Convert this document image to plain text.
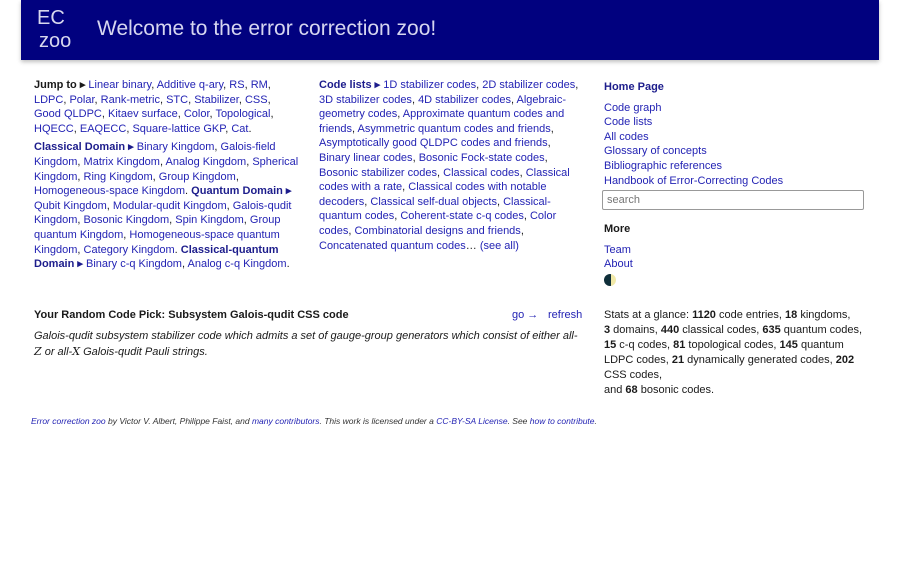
EC
zoo
Welcome to the error correction zoo!
Jump to ▸ Linear binary, Additive q-ary, RS, RM, LDPC, Polar, Rank-metric, STC, Stabilizer, CSS, Good QLDPC, Kitaev surface, Color, Topological, HQECC, EAQECC, Square-lattice GKP, Cat.
Classical Domain ▸ Binary Kingdom, Galois-field Kingdom, Matrix Kingdom, Analog Kingdom, Spherical Kingdom, Ring Kingdom, Group Kingdom, Homogeneous-space Kingdom. Quantum Domain ▸ Qubit Kingdom, Modular-qudit Kingdom, Galois-qudit Kingdom, Bosonic Kingdom, Spin Kingdom, Group quantum Kingdom, Homogeneous-space quantum Kingdom, Category Kingdom. Classical-quantum Domain ▸ Binary c-q Kingdom, Analog c-q Kingdom.
Code lists ▸ 1D stabilizer codes, 2D stabilizer codes, 3D stabilizer codes, 4D stabilizer codes, Algebraic-geometry codes, Approximate quantum codes and friends, Asymmetric quantum codes and friends, Asymptotically good QLDPC codes and friends, Binary linear codes, Bosonic Fock-state codes, Bosonic stabilizer codes, Classical codes, Classical codes with a rate, Classical codes with notable decoders, Classical self-dual objects, Classical-quantum codes, Coherent-state c-q codes, Color codes, Combinatorial designs and friends, Concatenated quantum codes… (see all)
Home Page
Code graph
Code lists
All codes
Glossary of concepts
Bibliographic references
Handbook of Error-Correcting Codes
search
More
Team
About
Your Random Code Pick: Subsystem Galois-qudit CSS code	go → refresh
Galois-qudit subsystem stabilizer code which admits a set of gauge-group generators which consist of either all-Z or all-X Galois-qudit Pauli strings.
Stats at a glance: 1120 code entries, 18 kingdoms,
3 domains, 440 classical codes, 635 quantum codes,
15 c-q codes, 81 topological codes, 145 quantum LDPC codes, 21 dynamically generated codes, 202 CSS codes,
and 68 bosonic codes.
Error correction zoo by Victor V. Albert, Philippe Faist, and many contributors. This work is licensed under a CC-BY-SA License. See how to contribute.
